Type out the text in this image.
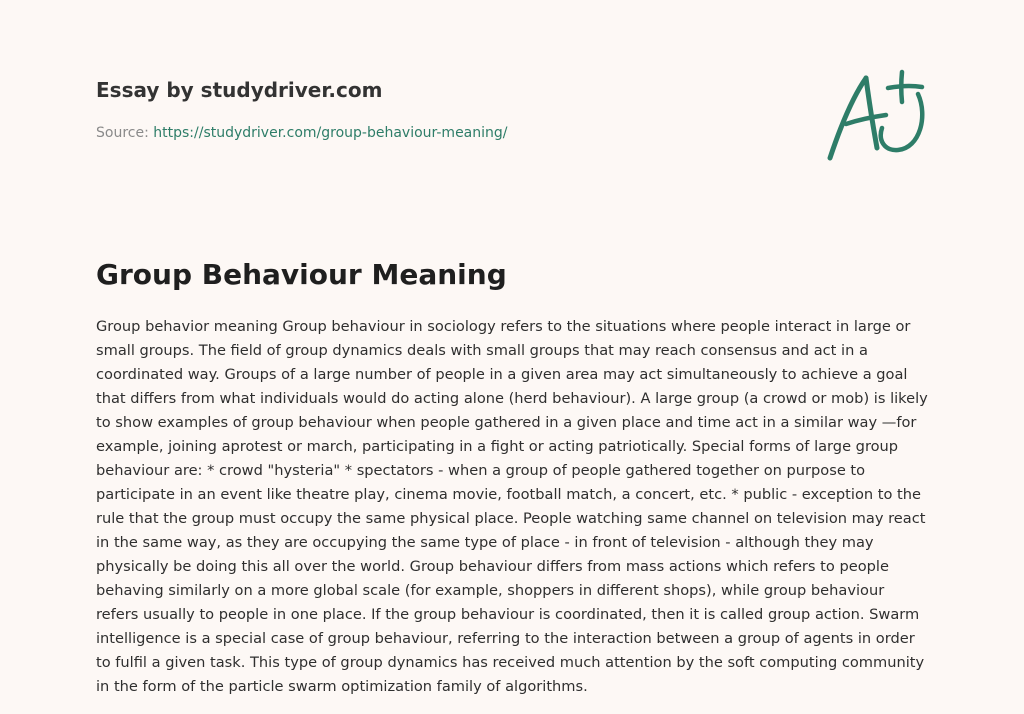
Essay by studydriver.com
Source: https://studydriver.com/group-behaviour-meaning/
Group Behaviour Meaning

Group behavior meaning Group behaviour in sociology refers to the situations where people interact in large or small groups. The field of group dynamics deals with small groups that may reach consensus and act in a coordinated way. Groups of a large number of people in a given area may act simultaneously to achieve a goal that differs from what individuals would do acting alone (herd behaviour). A large group (a crowd or mob) is likely to show examples of group behaviour when people gathered in a given place and time act in a similar way —for example, joining aprotest or march, participating in a fight or acting patriotically. Special forms of large group behaviour are: * crowd "hysteria" * spectators - when a group of people gathered together on purpose to participate in an event like theatre play, cinema movie, football match, a concert, etc. * public - exception to the rule that the group must occupy the same physical place. People watching same channel on television may react in the same way, as they are occupying the same type of place - in front of television - although they may physically be doing this all over the world. Group behaviour differs from mass actions which refers to people behaving similarly on a more global scale (for example, shoppers in different shops), while group behaviour refers usually to people in one place. If the group behaviour is coordinated, then it is called group action. Swarm intelligence is a special case of group behaviour, referring to the interaction between a group of agents in order to fulfil a given task. This type of group dynamics has received much attention by the soft computing community in the form of the particle swarm optimization family of algorithms.
